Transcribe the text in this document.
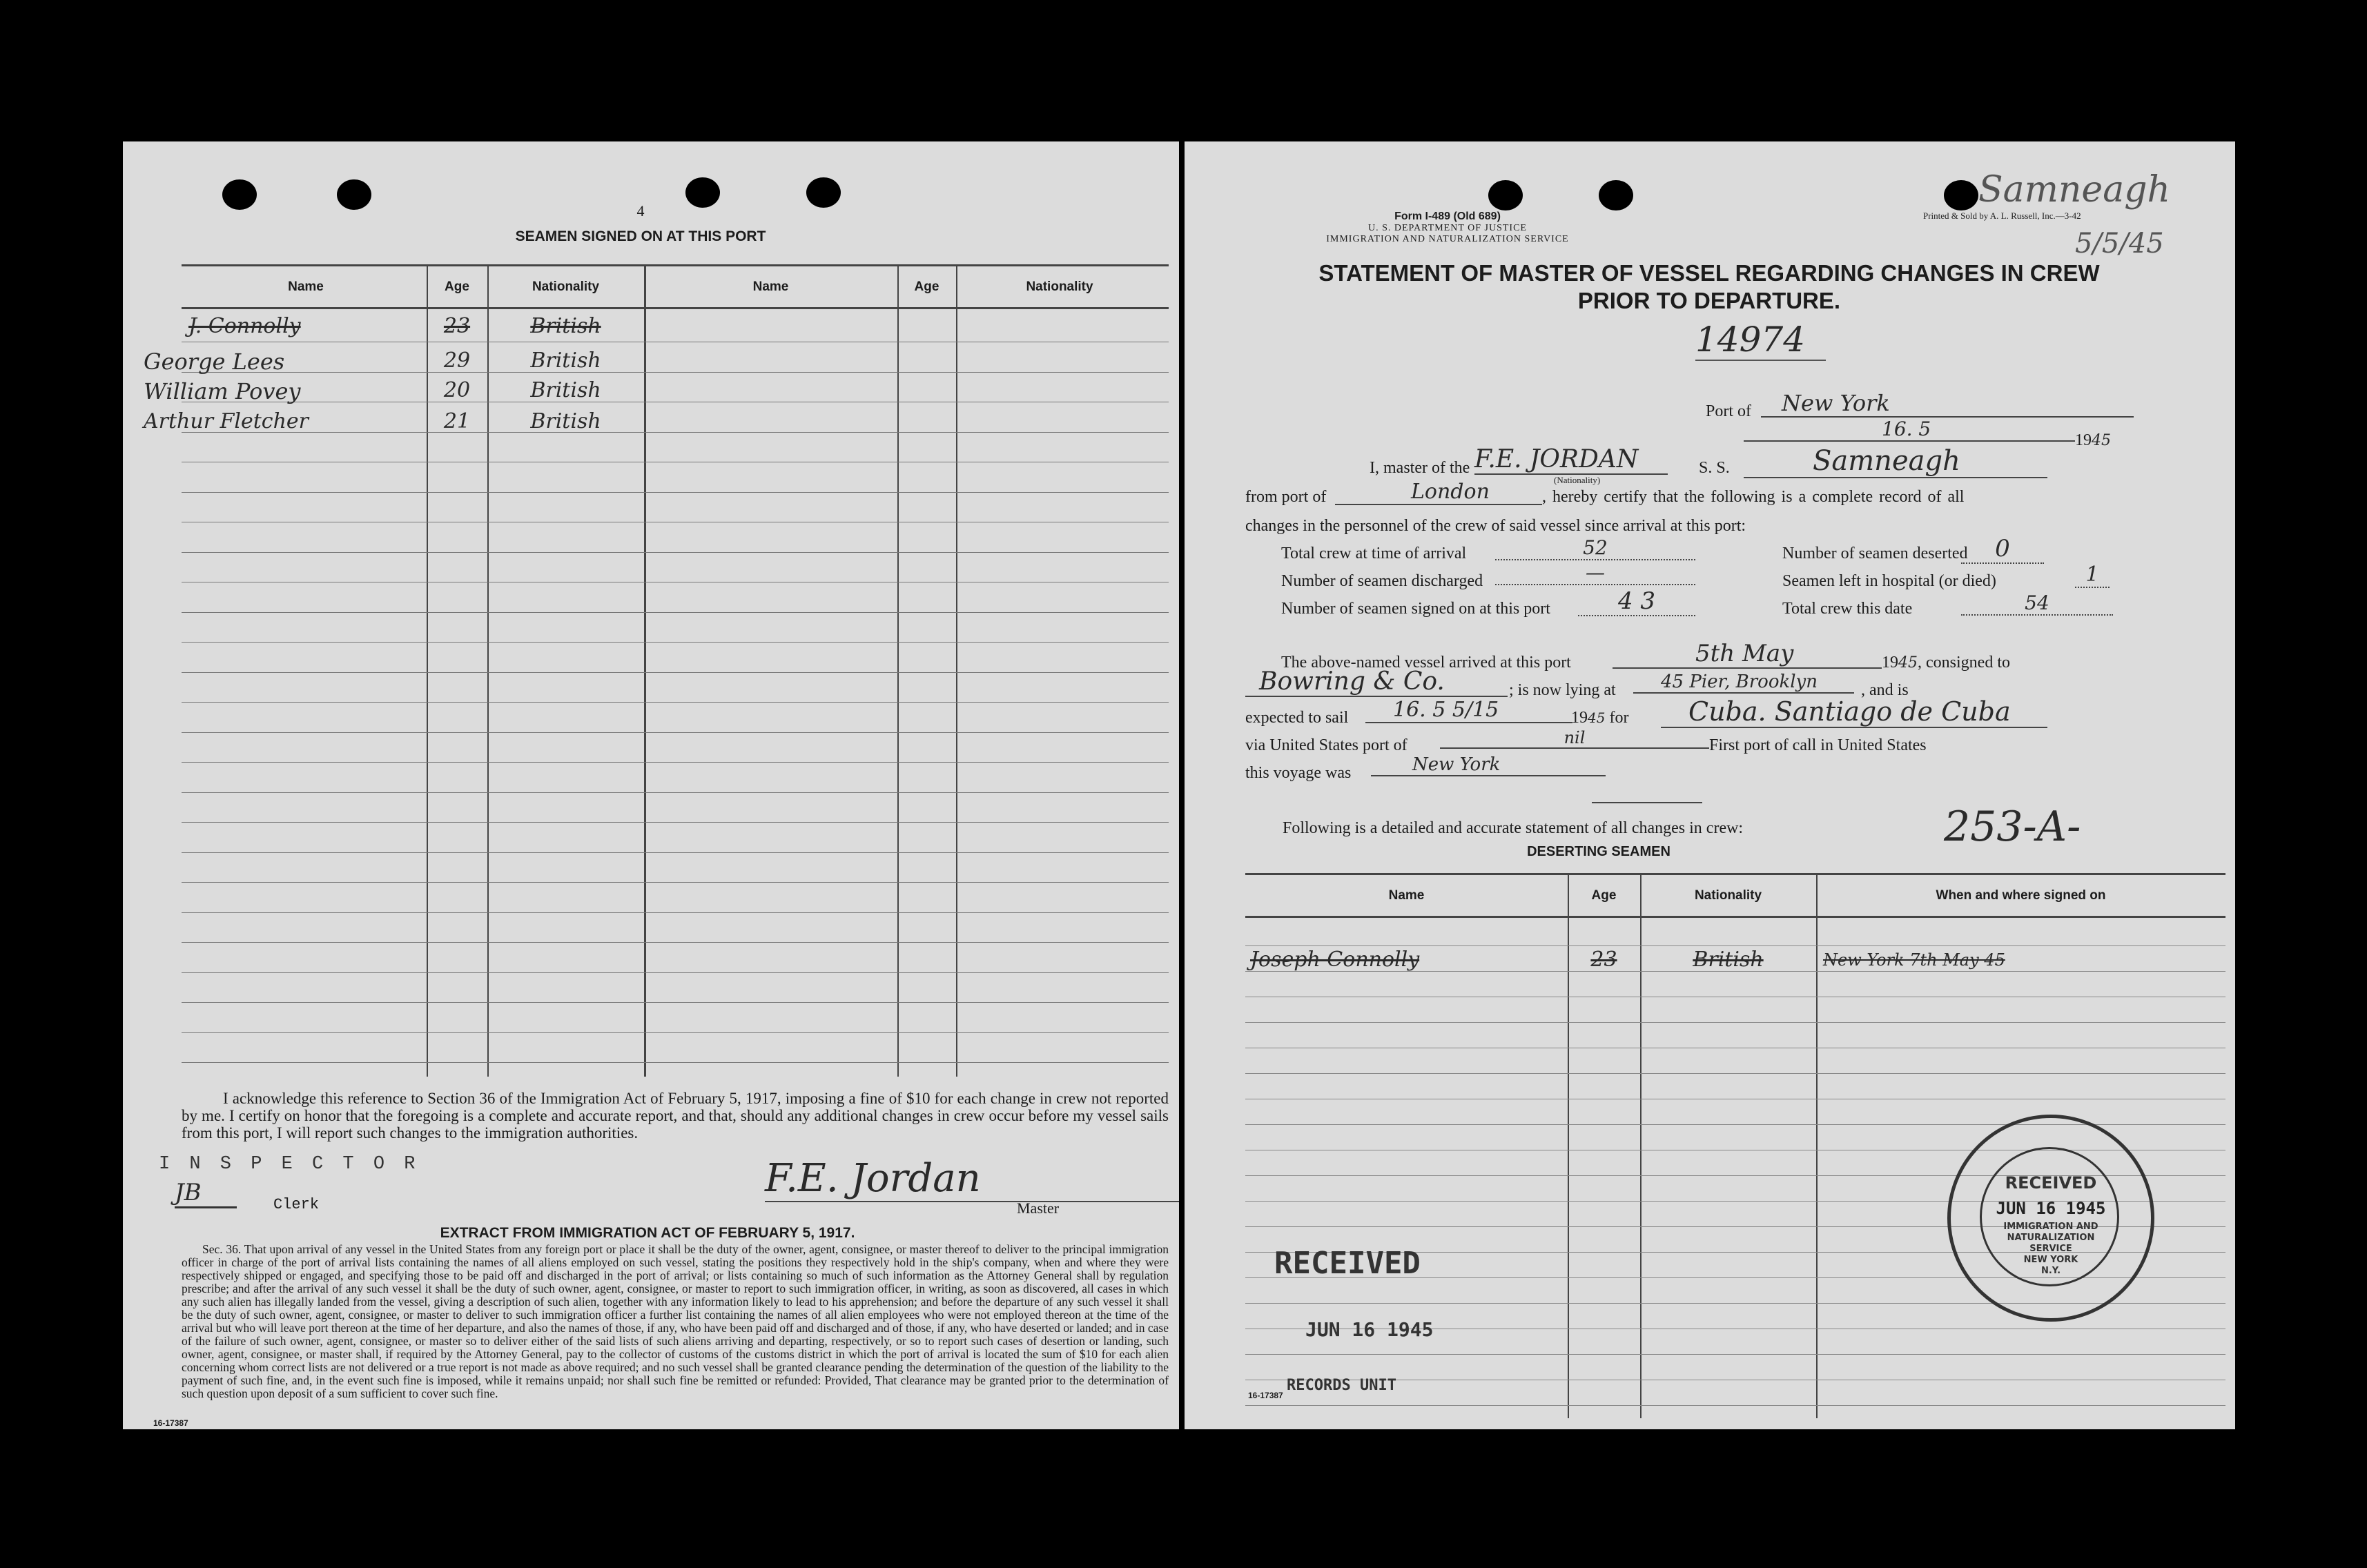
4
SEAMEN SIGNED ON AT THIS PORT
Name	Age	Nationality	Name	Age	Nationality
J. Connolly	23	British
George Lees	29	British
William Povey	20	British
Arthur Fletcher	21	British
I acknowledge this reference to Section 36 of the Immigration Act of February 5, 1917, imposing a fine of $10 for each change in crew not reported by me. I certify on honor that the foregoing is a complete and accurate report, and that, should any additional changes in crew occur before my vessel sails from this port, I will report such changes to the immigration authorities.
I N S P E C T O R
JB	Clerk
F.E. Jordan
Master
EXTRACT FROM IMMIGRATION ACT OF FEBRUARY 5, 1917.
Sec. 36. That upon arrival of any vessel in the United States from any foreign port or place it shall be the duty of the owner, agent, consignee, or master thereof to deliver to the principal immigration officer in charge of the port of arrival lists containing the names of all aliens employed on such vessel, stating the positions they respectively hold in the ship's company, when and where they were respectively shipped or engaged, and specifying those to be paid off and discharged in the port of arrival; or lists containing so much of such information as the Attorney General shall by regulation prescribe; and after the arrival of any such vessel it shall be the duty of such owner, agent, consignee, or master to report to such immigration officer, in writing, as soon as discovered, all cases in which any such alien has illegally landed from the vessel, giving a description of such alien, together with any information likely to lead to his apprehension; and before the departure of any such vessel it shall be the duty of such owner, agent, consignee, or master to deliver to such immigration officer a further list containing the names of all alien employees who were not employed thereon at the time of the arrival but who will leave port thereon at the time of her departure, and also the names of those, if any, who have been paid off and discharged and of those, if any, who have deserted or landed; and in case of the failure of such owner, agent, consignee, or master so to deliver either of the said lists of such aliens arriving and departing, respectively, or so to report such cases of desertion or landing, such owner, agent, consignee, or master shall, if required by the Attorney General, pay to the collector of customs of the customs district in which the port of arrival is located the sum of $10 for each alien concerning whom correct lists are not delivered or a true report is not made as above required; and no such vessel shall be granted clearance pending the determination of the question of the liability to the payment of such fine, and, in the event such fine is imposed, while it remains unpaid; nor shall such fine be remitted or refunded: Provided, That clearance may be granted prior to the determination of such question upon deposit of a sum sufficient to cover such fine.
16-17387
Form I-489 (Old 689)
U. S. DEPARTMENT OF JUSTICE
IMMIGRATION AND NATURALIZATION SERVICE
Printed & Sold by A. L. Russell, Inc.—3-42
Samneagh
5/5/45
STATEMENT OF MASTER OF VESSEL REGARDING CHANGES IN CREW
PRIOR TO DEPARTURE.
14974
Port of	New York
16. 5	1945
I, master of the F.E. JORDAN
(Nationality)
S. S.	Samneagh
from port of	London	, hereby certify that the following is a complete record of all
changes in the personnel of the crew of said vessel since arrival at this port:
Total crew at time of arrival	52	Number of seamen deserted	0
Number of seamen discharged	—	Seamen left in hospital (or died)	1
Number of seamen signed on at this port	4 3	Total crew this date	54
The above-named vessel arrived at this port	5th May	1945, consigned to
Bowring & Co.	; is now lying at	45 Pier, Brooklyn	, and is
expected to sail	16. 5 5/15	1945 for	Cuba. Santiago de Cuba
via United States port of	nil	First port of call in United States
this voyage was	New York
Following is a detailed and accurate statement of all changes in crew:	253-A-
DESERTING SEAMEN
Name	Age	Nationality	When and where signed on
Joseph Connolly	23	British	New York 7th May 45
RECEIVED
JUN 16 1945
RECORDS UNIT
16-17387
RECEIVED
JUN 16 1945
IMMIGRATION AND
NATURALIZATION
SERVICE
NEW YORK
N.Y.
